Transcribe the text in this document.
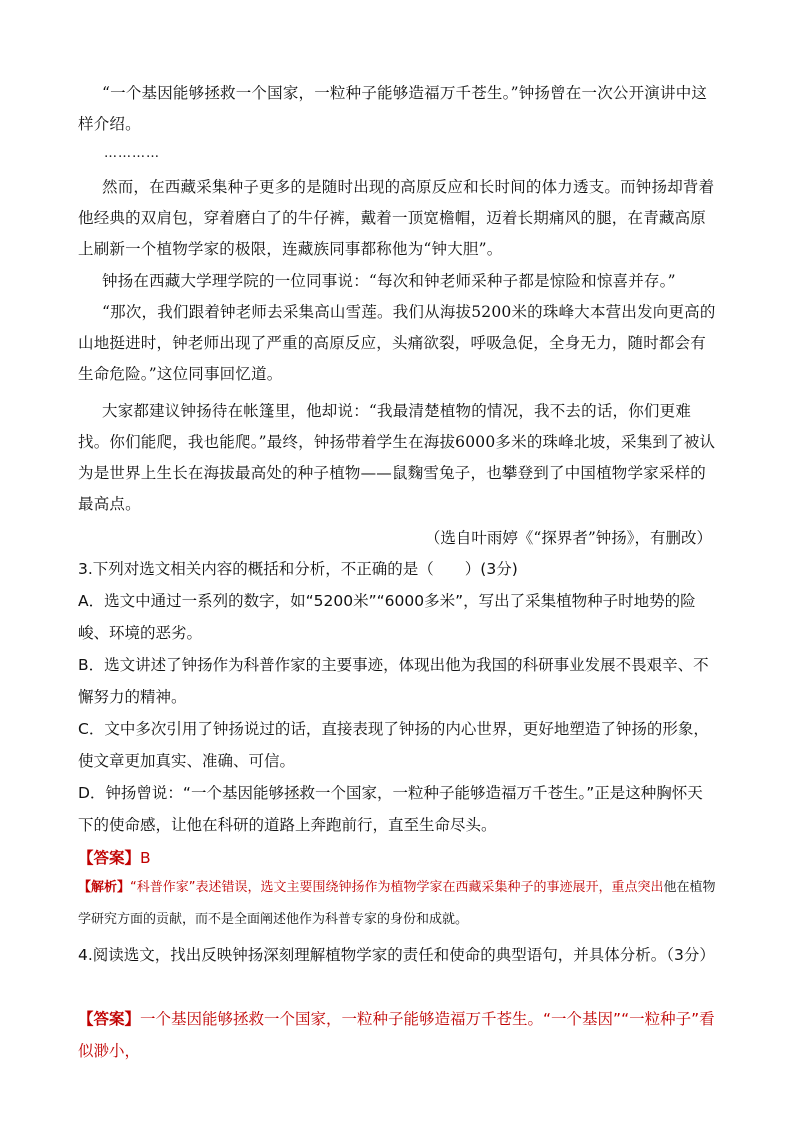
“一个基因能够拯救一个国家，一粒种子能够造福万千苍生。”钟扬曾在一次公开演讲中这样介绍。

…………

然而，在西藏采集种子更多的是随时出现的高原反应和长时间的体力透支。而钟扬却背着他经典的双肩包，穿着磨白了的牛仔裤，戴着一顶宽檐帽，迈着长期痛风的腿，在青藏高原上刷新一个植物学家的极限，连藏族同事都称他为“钟大胆”。

钟扬在西藏大学理学院的一位同事说：“每次和钟老师采种子都是惊险和惊喜并存。”

“那次，我们跟着钟老师去采集高山雪莲。我们从海拔5200米的珠峰大本营出发向更高的山地挺进时，钟老师出现了严重的高原反应，头痛欲裂，呼吸急促，全身无力，随时都会有生命危险。”这位同事回忆道。

大家都建议钟扬待在帐篷里，他却说：“我最清楚植物的情况，我不去的话，你们更难找。你们能爬，我也能爬。”最终，钟扬带着学生在海拔6000多米的珠峰北坡，采集到了被认为是世界上生长在海拔最高处的种子植物——鼠麴雪兔子，也攀登到了中国植物学家采样的最高点。

（选自叶雨婷《“探界者”钟扬》，有删改）

3.下列对选文相关内容的概括和分析，不正确的是（　　）(3分)

A．选文中通过一系列的数字，如“5200米”“6000多米”，写出了采集植物种子时地势的险峻、环境的恶劣。

B．选文讲述了钟扬作为科普作家的主要事迹，体现出他为我国的科研事业发展不畏艰辛、不懈努力的精神。

C．文中多次引用了钟扬说过的话，直接表现了钟扬的内心世界，更好地塑造了钟扬的形象，使文章更加真实、准确、可信。

D．钟扬曾说：“一个基因能够拯救一个国家，一粒种子能够造福万千苍生。”正是这种胸怀天下的使命感，让他在科研的道路上奔跑前行，直至生命尽头。

【答案】B

【解析】“科普作家”表述错误，选文主要围绕钟扬作为植物学家在西藏采集种子的事迹展开，重点突出他在植物学研究方面的贡献，而不是全面阐述他作为科普专家的身份和成就。

4.阅读选文，找出反映钟扬深刻理解植物学家的责任和使命的典型语句，并具体分析。（3分）

【答案】一个基因能够拯救一个国家，一粒种子能够造福万千苍生。“一个基因”“一粒种子”看似渺小，
